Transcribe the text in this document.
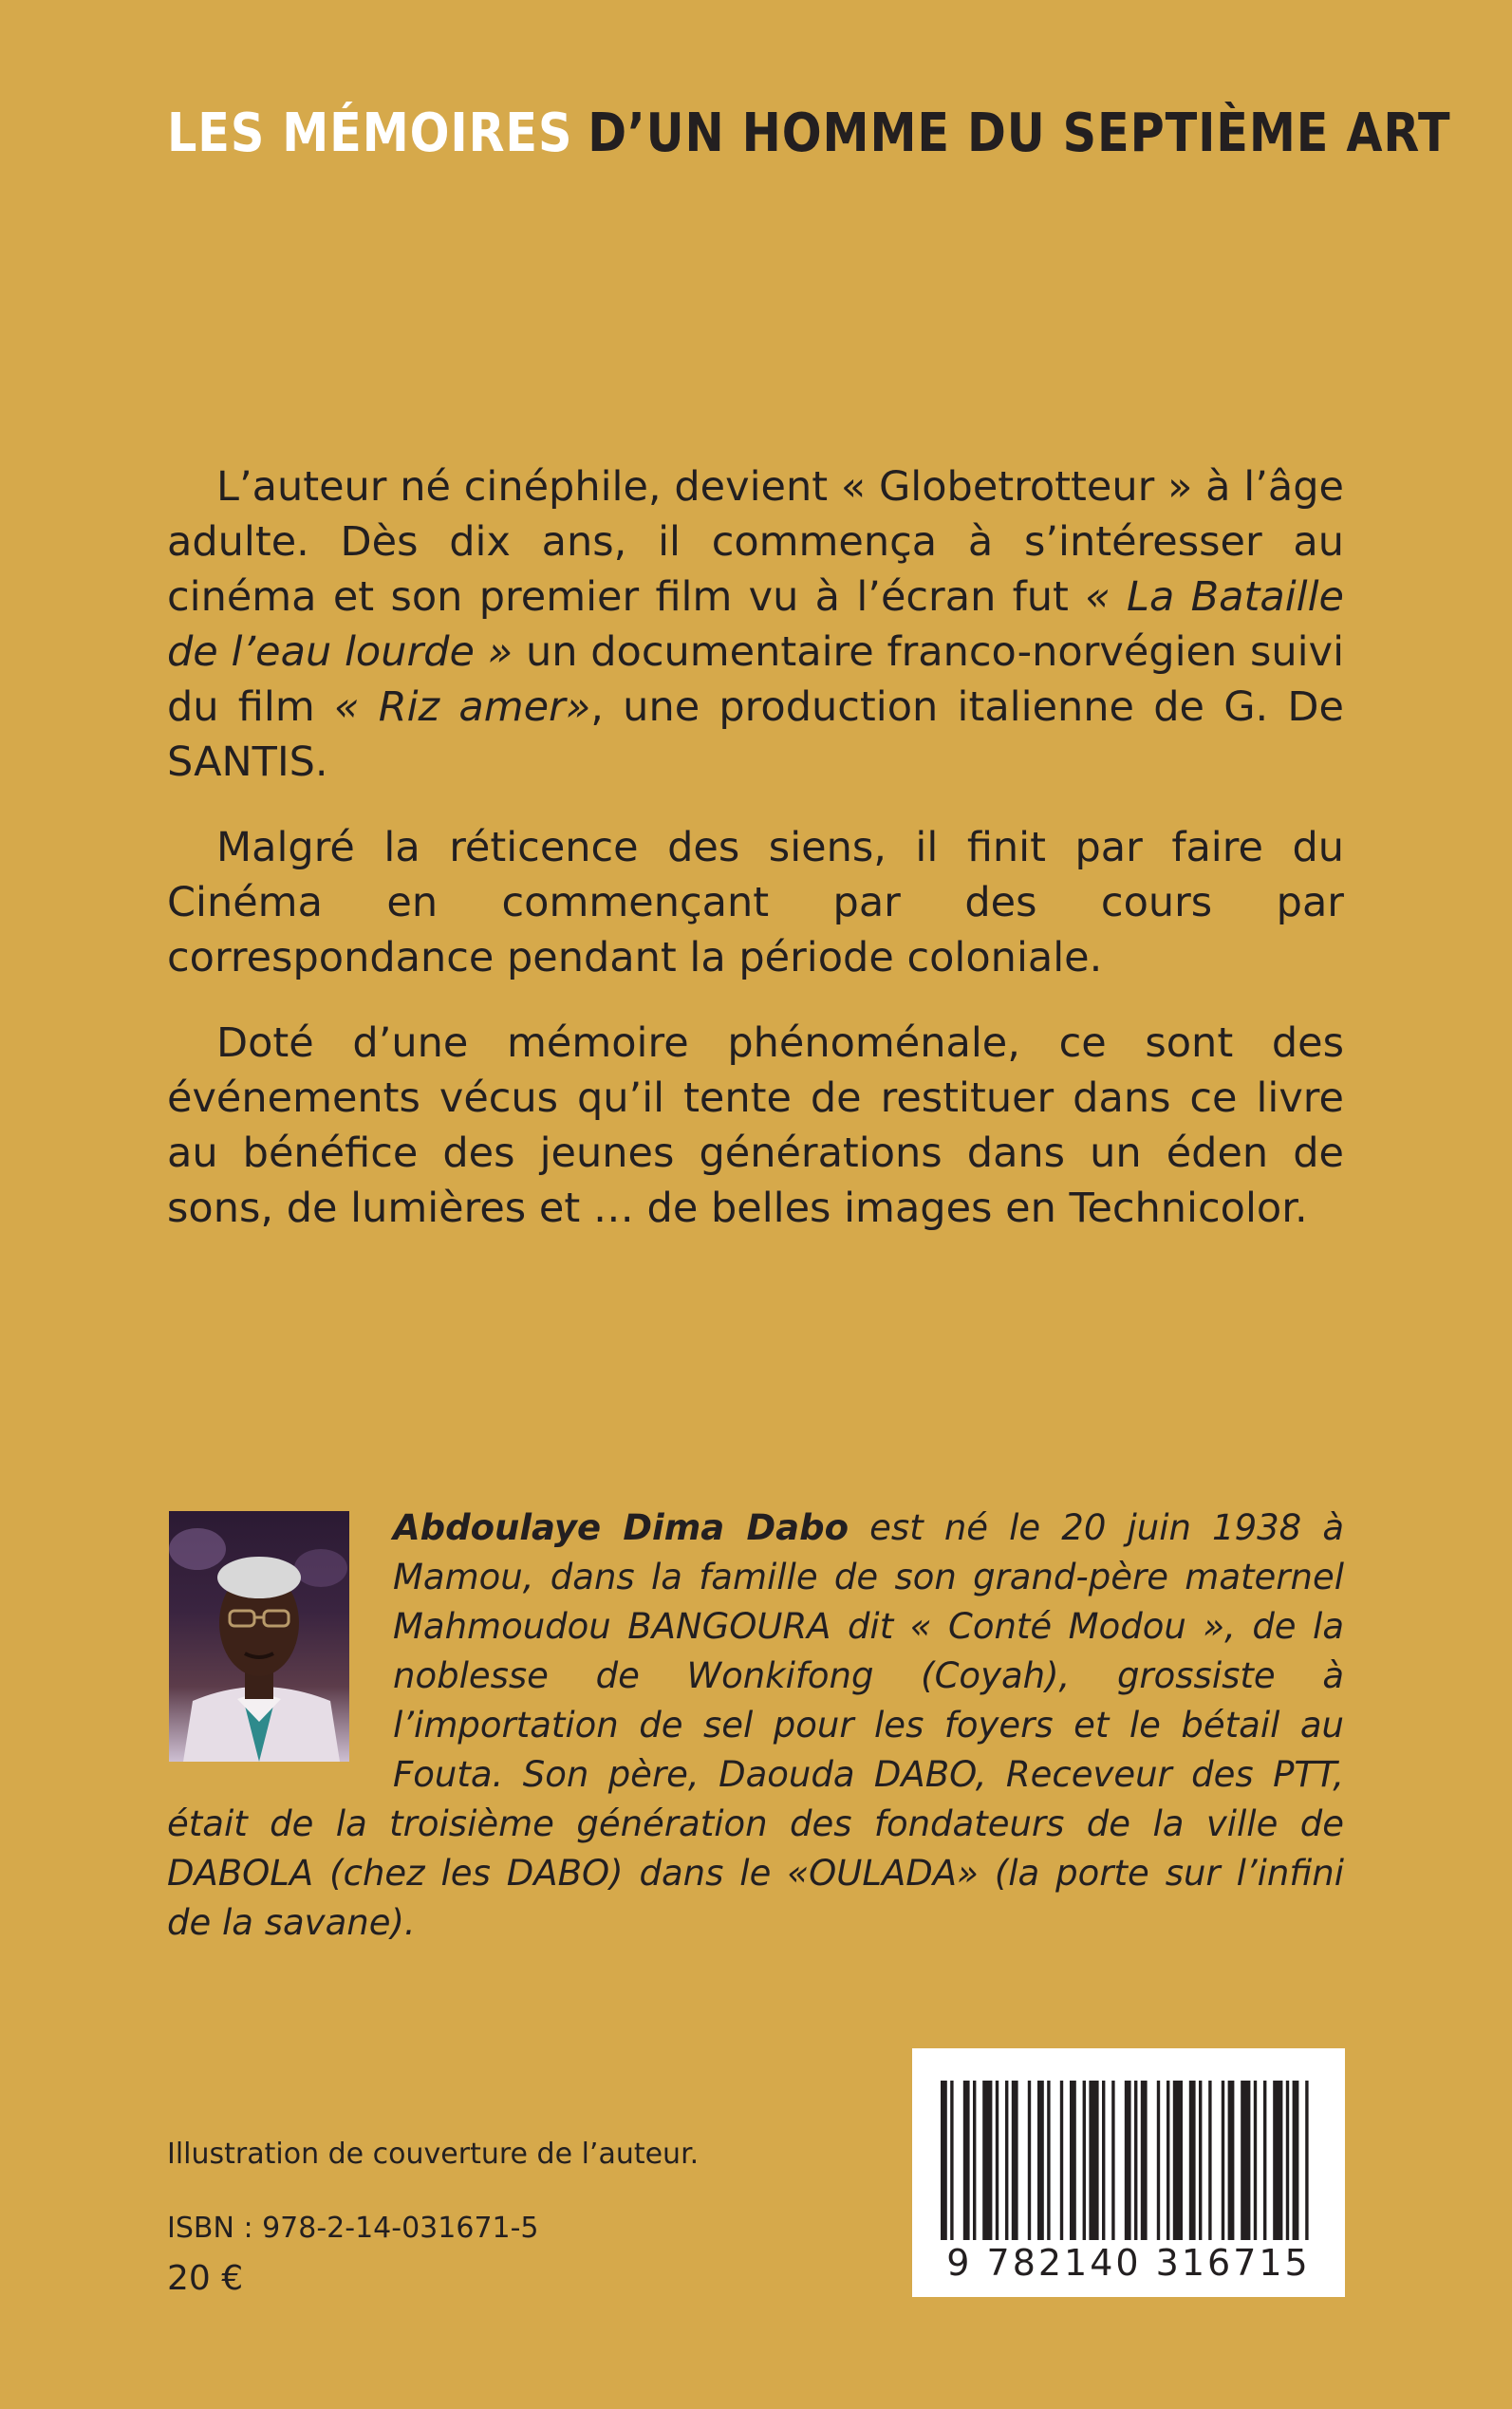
LES MÉMOIRES D’UN HOMME DU SEPTIÈME ART

L’auteur né cinéphile, devient « Globetrotteur » à l’âge adulte. Dès dix ans, il commença à s’intéresser au cinéma et son premier film vu à l’écran fut « La Bataille de l’eau lourde » un documentaire franco-norvégien suivi du film « Riz amer», une production italienne de G. De SANTIS.

Malgré la réticence des siens, il finit par faire du Cinéma en commençant par des cours par correspondance pendant la période coloniale.

Doté d’une mémoire phénoménale, ce sont des événements vécus qu’il tente de restituer dans ce livre au bénéfice des jeunes générations dans un éden de sons, de lumières et … de belles images en Technicolor.

Abdoulaye Dima Dabo est né le 20 juin 1938 à Mamou, dans la famille de son grand-père maternel Mahmoudou BANGOURA dit « Conté Modou », de la noblesse de Wonkifong (Coyah), grossiste à l’importation de sel pour les foyers et le bétail au Fouta. Son père, Daouda DABO, Receveur des PTT, était de la troisième génération des fondateurs de la ville de DABOLA (chez les DABO) dans le «OULADA» (la porte sur l’infini de la savane).
Illustration de couverture de l’auteur.
ISBN : 978-2-14-031671-5
20 €	9 782140 316715
